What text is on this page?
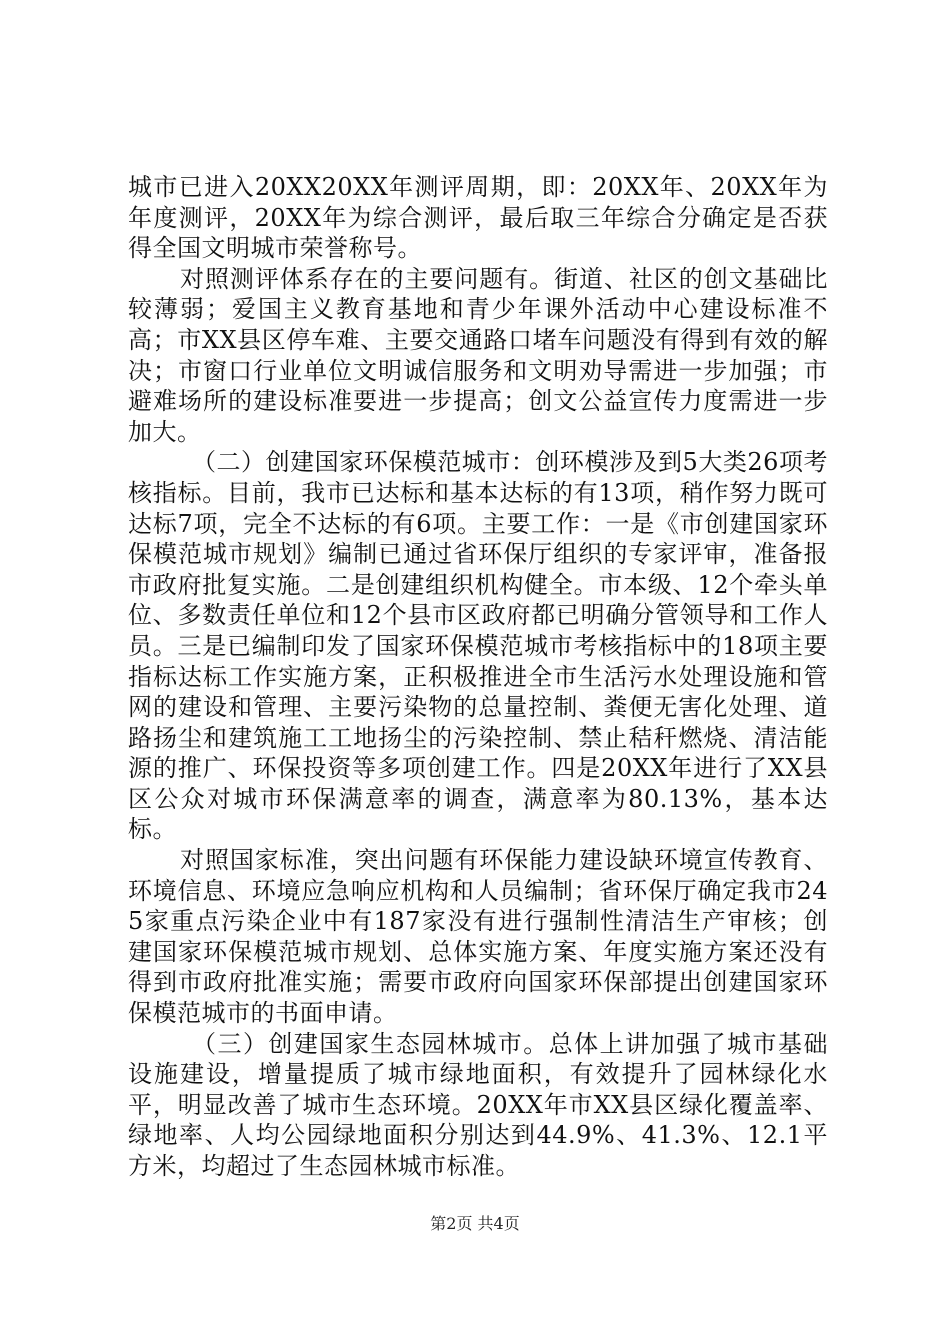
城市已进入20XX20XX年测评周期，即：20XX年、20XX年为年度测评，20XX年为综合测评，最后取三年综合分确定是否获得全国文明城市荣誉称号。

对照测评体系存在的主要问题有。街道、社区的创文基础比较薄弱；爱国主义教育基地和青少年课外活动中心建设标准不高；市XX县区停车难、主要交通路口堵车问题没有得到有效的解决；市窗口行业单位文明诚信服务和文明劝导需进一步加强；市避难场所的建设标准要进一步提高；创文公益宣传力度需进一步加大。

（二）创建国家环保模范城市：创环模涉及到5大类26项考核指标。目前，我市已达标和基本达标的有13项，稍作努力既可达标7项，完全不达标的有6项。主要工作：一是《市创建国家环保模范城市规划》编制已通过省环保厅组织的专家评审，准备报市政府批复实施。二是创建组织机构健全。市本级、12个牵头单位、多数责任单位和12个县市区政府都已明确分管领导和工作人员。三是已编制印发了国家环保模范城市考核指标中的18项主要指标达标工作实施方案，正积极推进全市生活污水处理设施和管网的建设和管理、主要污染物的总量控制、粪便无害化处理、道路扬尘和建筑施工工地扬尘的污染控制、禁止秸秆燃烧、清洁能源的推广、环保投资等多项创建工作。四是20XX年进行了XX县区公众对城市环保满意率的调查，满意率为80.13%，基本达标。

对照国家标准，突出问题有环保能力建设缺环境宣传教育、环境信息、环境应急响应机构和人员编制；省环保厅确定我市245家重点污染企业中有187家没有进行强制性清洁生产审核；创建国家环保模范城市规划、总体实施方案、年度实施方案还没有得到市政府批准实施；需要市政府向国家环保部提出创建国家环保模范城市的书面申请。

（三）创建国家生态园林城市。总体上讲加强了城市基础设施建设，增量提质了城市绿地面积，有效提升了园林绿化水平，明显改善了城市生态环境。20XX年市XX县区绿化覆盖率、绿地率、人均公园绿地面积分别达到44.9%、41.3%、12.1平方米，均超过了生态园林城市标准。

第2页 共4页
